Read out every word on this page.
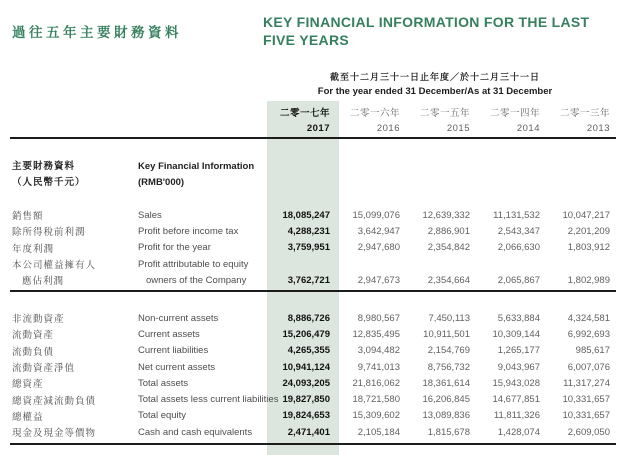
過往五年主要財務資料
KEY FINANCIAL INFORMATION FOR THE LAST
FIVE YEARS
截至十二月三十一日止年度／於十二月三十一日
For the year ended 31 December/As at 31 December
二零一七年	二零一六年	二零一五年	二零一四年	二零一三年
2017	2016	2015	2014	2013
主要財務資料
（人民幣千元）
Key Financial Information
(RMB'000)
銷售額	Sales	18,085,247	15,099,076	12,639,332	11,131,532	10,047,217
除所得稅前利潤	Profit before income tax	4,288,231	3,642,947	2,886,901	2,543,347	2,201,209
年度利潤	Profit for the year	3,759,951	2,947,680	2,354,842	2,066,630	1,803,912
本公司權益擁有人	Profit attributable to equity
應佔利潤	owners of the Company	3,762,721	2,947,673	2,354,664	2,065,867	1,802,989
非流動資產	Non-current assets	8,886,726	8,980,567	7,450,113	5,633,884	4,324,581
流動資產	Current assets	15,206,479	12,835,495	10,911,501	10,309,144	6,992,693
流動負債	Current liabilities	4,265,355	3,094,482	2,154,769	1,265,177	985,617
流動資產淨值	Net current assets	10,941,124	9,741,013	8,756,732	9,043,967	6,007,076
總資產	Total assets	24,093,205	21,816,062	18,361,614	15,943,028	11,317,274
總資產減流動負債	Total assets less current liabilities 19,827,850	18,721,580	16,206,845	14,677,851	10,331,657
總權益	Total equity	19,824,653	15,309,602	13,089,836	11,811,326	10,331,657
現金及現金等價物	Cash and cash equivalents	2,471,401	2,105,184	1,815,678	1,428,074	2,609,050
